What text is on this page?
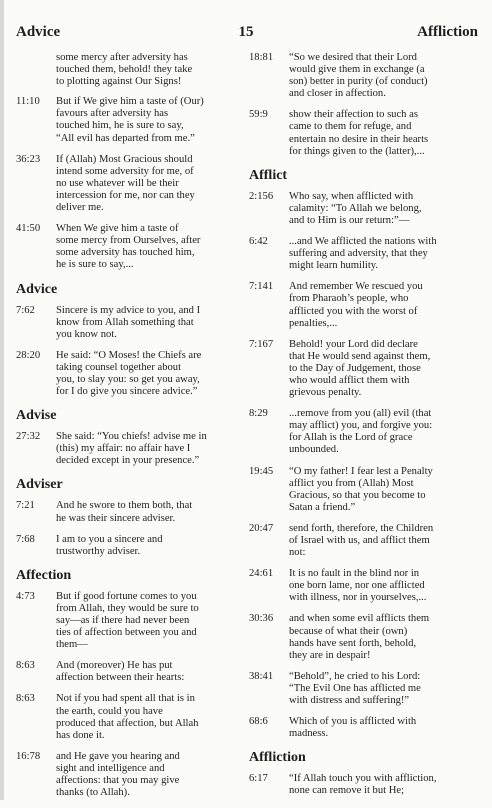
Advice	15	Affliction
some mercy after adversity has
touched them, behold! they take
to plotting against Our Signs!
11:10	But if We give him a taste of (Our)
favours after adversity has
touched him, he is sure to say,
“All evil has departed from me.”
36:23	If (Allah) Most Gracious should
intend some adversity for me, of
no use whatever will be their
intercession for me, nor can they
deliver me.
41:50	When We give him a taste of
some mercy from Ourselves, after
some adversity has touched him,
he is sure to say,...
Advice
7:62	Sincere is my advice to you, and I
know from Allah something that
you know not.
28:20	He said: “O Moses! the Chiefs are
taking counsel together about
you, to slay you: so get you away,
for I do give you sincere advice.”
Advise
27:32	She said: “You chiefs! advise me in
(this) my affair: no affair have I
decided except in your presence.”
Adviser
7:21	And he swore to them both, that
he was their sincere adviser.
7:68	I am to you a sincere and
trustworthy adviser.
Affection
4:73	But if good fortune comes to you
from Allah, they would be sure to
say—as if there had never been
ties of affection between you and
them—
8:63	And (moreover) He has put
affection between their hearts:
8:63	Not if you had spent all that is in
the earth, could you have
produced that affection, but Allah
has done it.
16:78	and He gave you hearing and
sight and intelligence and
affections: that you may give
thanks (to Allah).
18:81	“So we desired that their Lord
would give them in exchange (a
son) better in purity (of conduct)
and closer in affection.
59:9	show their affection to such as
came to them for refuge, and
entertain no desire in their hearts
for things given to the (latter),...
Afflict
2:156	Who say, when afflicted with
calamity: “To Allah we belong,
and to Him is our return:”—
6:42	...and We afflicted the nations with
suffering and adversity, that they
might learn humility.
7:141	And remember We rescued you
from Pharaoh’s people, who
afflicted you with the worst of
penalties,...
7:167	Behold! your Lord did declare
that He would send against them,
to the Day of Judgement, those
who would afflict them with
grievous penalty.
8:29	...remove from you (all) evil (that
may afflict) you, and forgive you:
for Allah is the Lord of grace
unbounded.
19:45	“O my father! I fear lest a Penalty
afflict you from (Allah) Most
Gracious, so that you become to
Satan a friend.”
20:47	send forth, therefore, the Children
of Israel with us, and afflict them
not:
24:61	It is no fault in the blind nor in
one born lame, nor one afflicted
with illness, nor in yourselves,...
30:36	and when some evil afflicts them
because of what their (own)
hands have sent forth, behold,
they are in despair!
38:41	“Behold”, he cried to his Lord:
“The Evil One has afflicted me
with distress and suffering!”
68:6	Which of you is afflicted with
madness.
Affliction
6:17	“If Allah touch you with affliction,
none can remove it but He;
